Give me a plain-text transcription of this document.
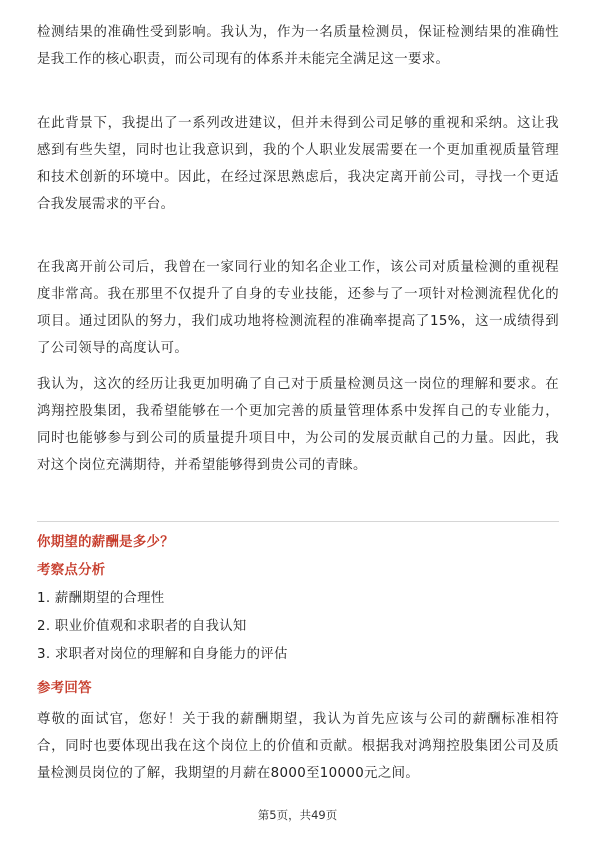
检测结果的准确性受到影响。我认为，作为一名质量检测员，保证检测结果的准确性是我工作的核心职责，而公司现有的体系并未能完全满足这一要求。

在此背景下，我提出了一系列改进建议，但并未得到公司足够的重视和采纳。这让我感到有些失望，同时也让我意识到，我的个人职业发展需要在一个更加重视质量管理和技术创新的环境中。因此，在经过深思熟虑后，我决定离开前公司，寻找一个更适合我发展需求的平台。

在我离开前公司后，我曾在一家同行业的知名企业工作，该公司对质量检测的重视程度非常高。我在那里不仅提升了自身的专业技能，还参与了一项针对检测流程优化的项目。通过团队的努力，我们成功地将检测流程的准确率提高了15%，这一成绩得到了公司领导的高度认可。

我认为，这次的经历让我更加明确了自己对于质量检测员这一岗位的理解和要求。在鸿翔控股集团，我希望能够在一个更加完善的质量管理体系中发挥自己的专业能力，同时也能够参与到公司的质量提升项目中，为公司的发展贡献自己的力量。因此，我对这个岗位充满期待，并希望能够得到贵公司的青睐。

你期望的薪酬是多少？

考察点分析

1. 薪酬期望的合理性

2. 职业价值观和求职者的自我认知

3. 求职者对岗位的理解和自身能力的评估

参考回答

尊敬的面试官，您好！关于我的薪酬期望，我认为首先应该与公司的薪酬标准相符合，同时也要体现出我在这个岗位上的价值和贡献。根据我对鸿翔控股集团公司及质量检测员岗位的了解，我期望的月薪在8000至10000元之间。

第5页，共49页
